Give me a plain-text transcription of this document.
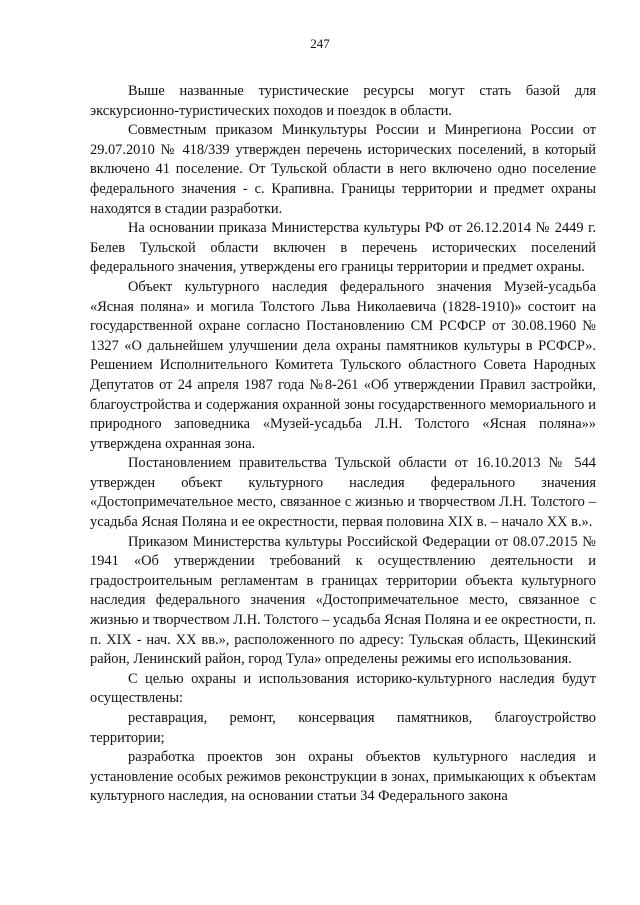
247

Выше названные туристические ресурсы могут стать базой для экскурсионно-туристических походов и поездок в области.

Совместным приказом Минкультуры России и Минрегиона России от 29.07.2010 № 418/339 утвержден перечень исторических поселений, в который включено 41 поселение. От Тульской области в него включено одно поселение федерального значения - с. Крапивна. Границы территории и предмет охраны находятся в стадии разработки.

На основании приказа Министерства культуры РФ от 26.12.2014 № 2449 г. Белев Тульской области включен в перечень исторических поселений федерального значения, утверждены его границы территории и предмет охраны.

Объект культурного наследия федерального значения Музей-усадьба «Ясная поляна» и могила Толстого Льва Николаевича (1828-1910)» состоит на государственной охране согласно Постановлению СМ РСФСР от 30.08.1960 № 1327 «О дальнейшем улучшении дела охраны памятников культуры в РСФСР». Решением Исполнительного Комитета Тульского областного Совета Народных Депутатов от 24 апреля 1987 года №8-261 «Об утверждении Правил застройки, благоустройства и содержания охранной зоны государственного мемориального и природного заповедника «Музей-усадьба Л.Н. Толстого «Ясная поляна»» утверждена охранная зона.

Постановлением правительства Тульской области от 16.10.2013 № 544 утвержден объект культурного наследия федерального значения «Достопримечательное место, связанное с жизнью и творчеством Л.Н. Толстого – усадьба Ясная Поляна и ее окрестности, первая половина XIX в. – начало XX в.».

Приказом Министерства культуры Российской Федерации от 08.07.2015 № 1941 «Об утверждении требований к осуществлению деятельности и градостроительным регламентам в границах территории объекта культурного наследия федерального значения «Достопримечательное место, связанное с жизнью и творчеством Л.Н. Толстого – усадьба Ясная Поляна и ее окрестности, п. п. XIX - нач. XX вв.», расположенного по адресу: Тульская область, Щекинский район, Ленинский район, город Тула» определены режимы его использования.

С целью охраны и использования историко-культурного наследия будут осуществлены:

реставрация, ремонт, консервация памятников, благоустройство территории;

разработка проектов зон охраны объектов культурного наследия и установление особых режимов реконструкции в зонах, примыкающих к объектам культурного наследия, на основании статьи 34 Федерального закона
